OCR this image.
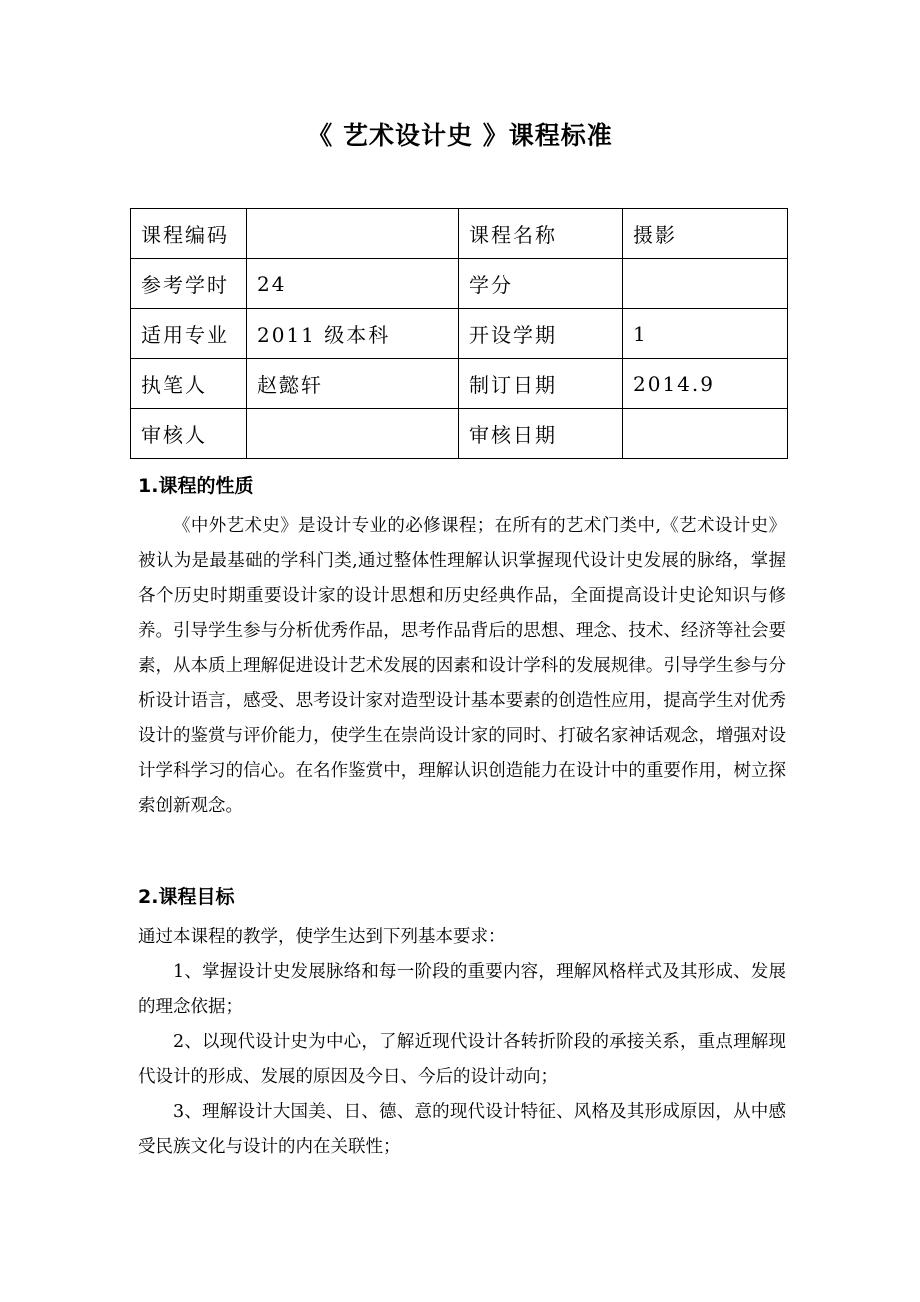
《 艺术设计史 》课程标准
课程编码		课程名称	摄影
参考学时	24	学分	
适用专业	2011 级本科	开设学期	1
执笔人	赵懿轩	制订日期	2014.9
审核人		审核日期	
1.课程的性质

《中外艺术史》是设计专业的必修课程；在所有的艺术门类中,《艺术设计史》被认为是最基础的学科门类,通过整体性理解认识掌握现代设计史发展的脉络，掌握各个历史时期重要设计家的设计思想和历史经典作品，全面提高设计史论知识与修养。引导学生参与分析优秀作品，思考作品背后的思想、理念、技术、经济等社会要素，从本质上理解促进设计艺术发展的因素和设计学科的发展规律。引导学生参与分析设计语言，感受、思考设计家对造型设计基本要素的创造性应用，提高学生对优秀设计的鉴赏与评价能力，使学生在崇尚设计家的同时、打破名家神话观念，增强对设计学科学习的信心。在名作鉴赏中，理解认识创造能力在设计中的重要作用，树立探索创新观念。

2.课程目标

通过本课程的教学，使学生达到下列基本要求：

1、掌握设计史发展脉络和每一阶段的重要内容，理解风格样式及其形成、发展的理念依据；

2、以现代设计史为中心，了解近现代设计各转折阶段的承接关系，重点理解现代设计的形成、发展的原因及今日、今后的设计动向；

3、理解设计大国美、日、德、意的现代设计特征、风格及其形成原因，从中感受民族文化与设计的内在关联性；
